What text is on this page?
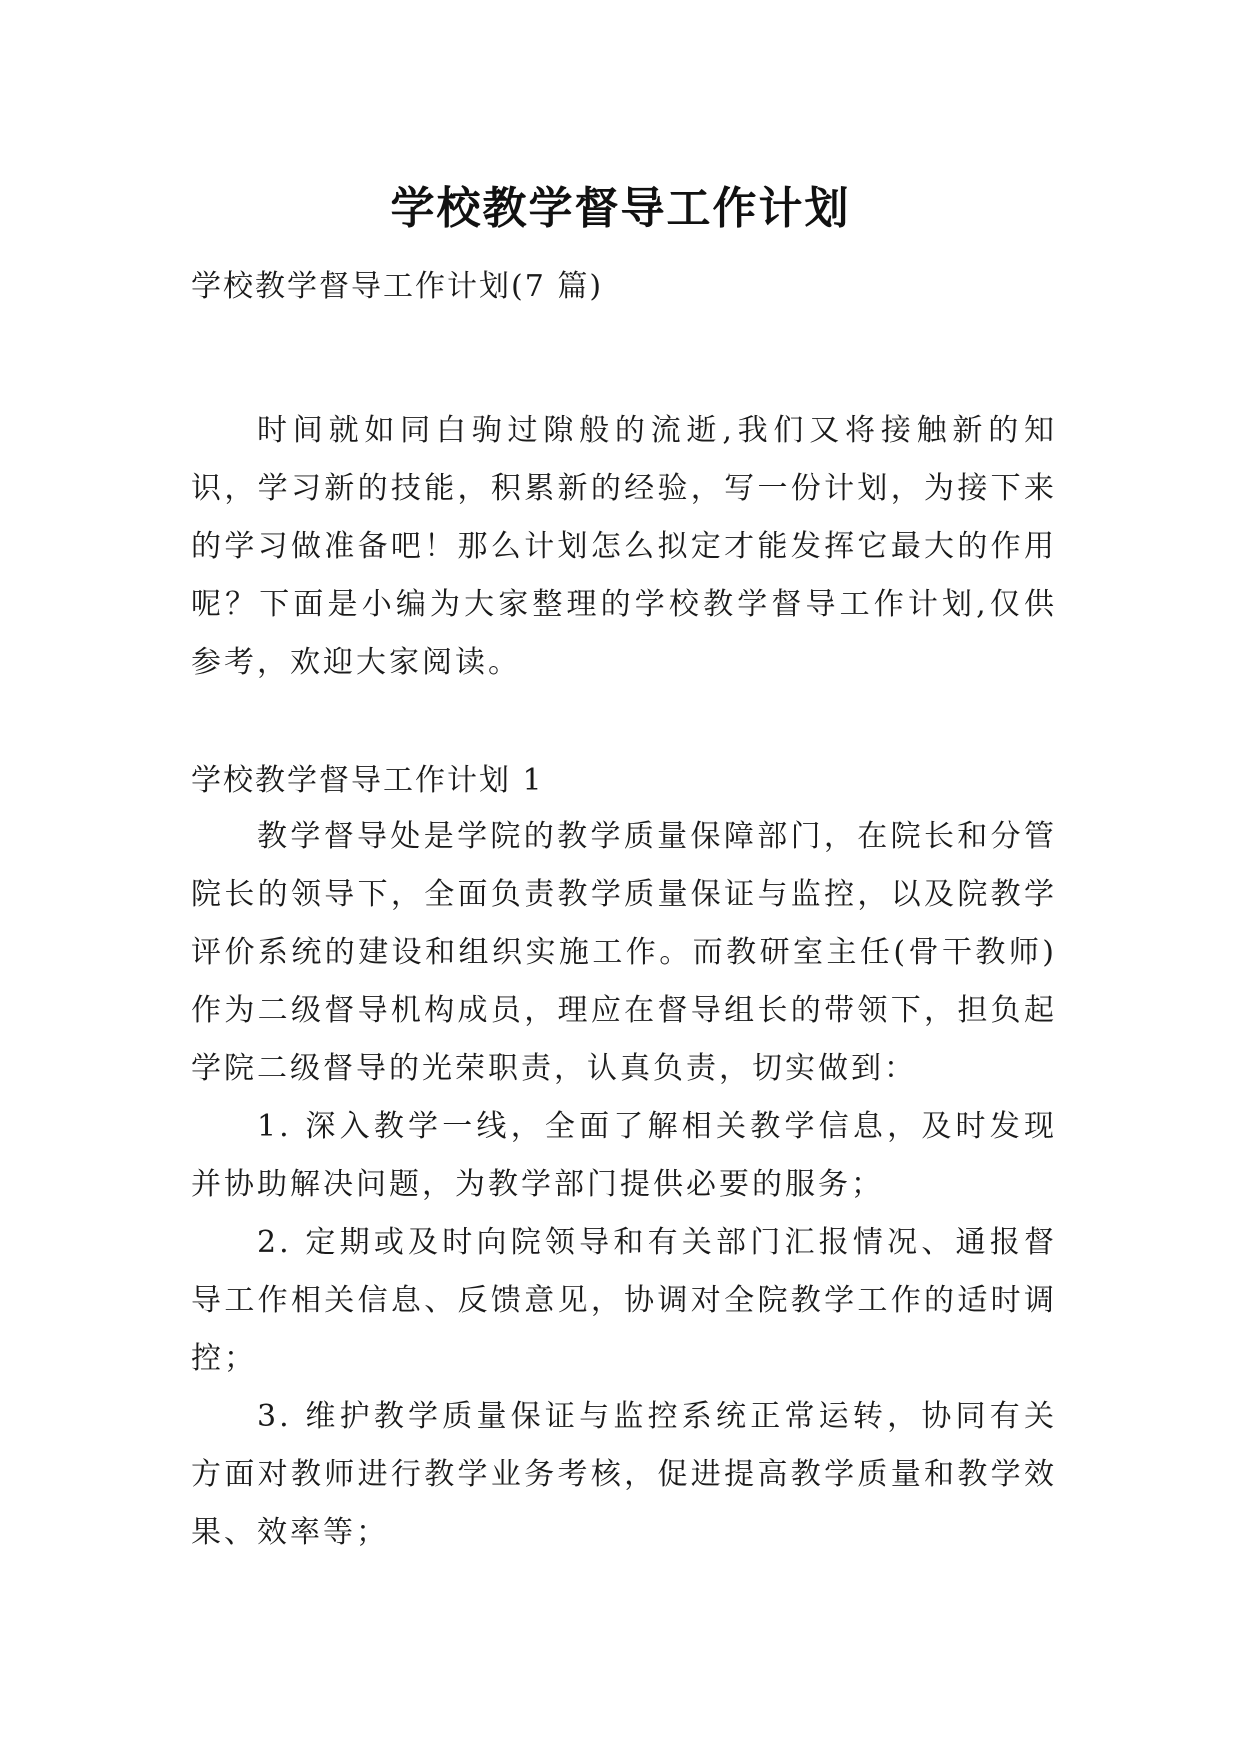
学校教学督导工作计划

学校教学督导工作计划(7 篇)

时间就如同白驹过隙般的流逝,我们又将接触新的知识，学习新的技能，积累新的经验，写一份计划，为接下来的学习做准备吧！那么计划怎么拟定才能发挥它最大的作用呢？下面是小编为大家整理的学校教学督导工作计划,仅供参考，欢迎大家阅读。

学校教学督导工作计划 1

教学督导处是学院的教学质量保障部门，在院长和分管院长的领导下，全面负责教学质量保证与监控，以及院教学评价系统的建设和组织实施工作。而教研室主任(骨干教师)作为二级督导机构成员，理应在督导组长的带领下，担负起学院二级督导的光荣职责，认真负责，切实做到：

1. 深入教学一线，全面了解相关教学信息，及时发现并协助解决问题，为教学部门提供必要的服务；

2. 定期或及时向院领导和有关部门汇报情况、通报督导工作相关信息、反馈意见，协调对全院教学工作的适时调控；

3. 维护教学质量保证与监控系统正常运转，协同有关方面对教师进行教学业务考核，促进提高教学质量和教学效果、效率等；
